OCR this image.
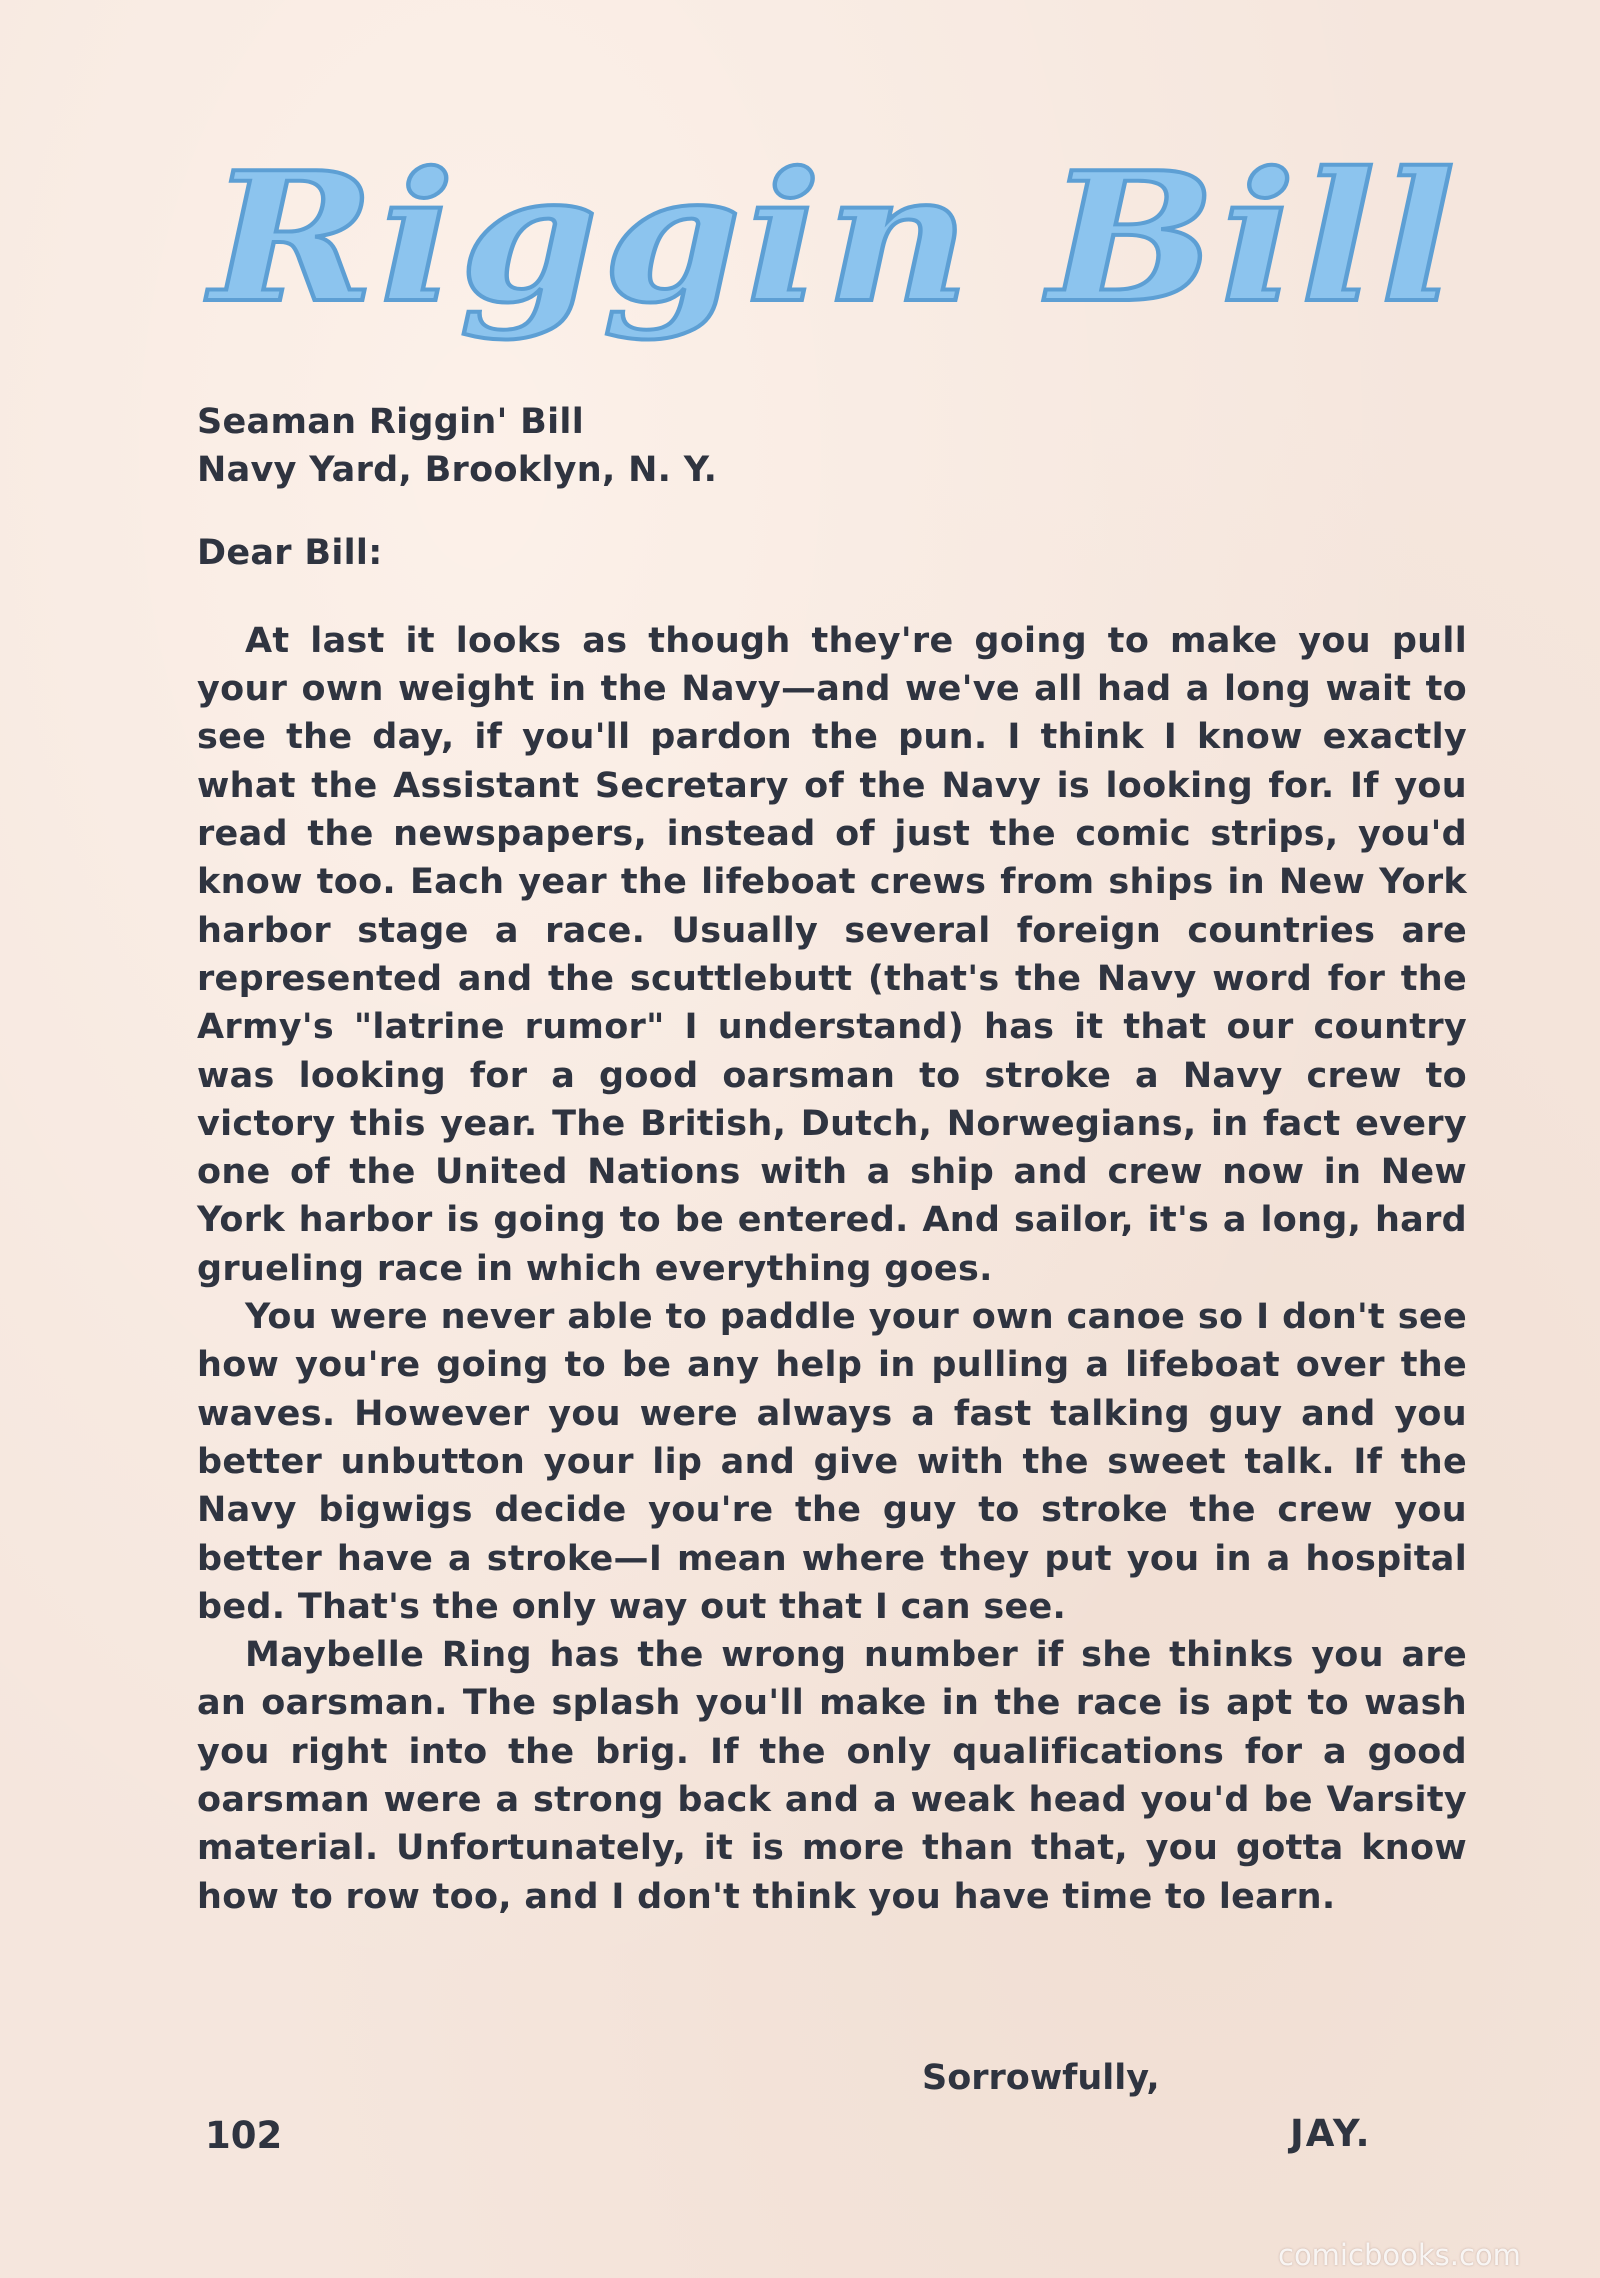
Riggin Bill

Seaman Riggin' Bill

Navy Yard, Brooklyn, N. Y.

Dear Bill:

At last it looks as though they're going to make you pull your own weight in the Navy—and we've all had a long wait to see the day, if you'll pardon the pun. I think I know exactly what the Assistant Secretary of the Navy is looking for. If you read the newspapers, instead of just the comic strips, you'd know too. Each year the lifeboat crews from ships in New York harbor stage a race. Usually several foreign countries are represented and the scuttlebutt (that's the Navy word for the Army's "latrine rumor" I understand) has it that our country was looking for a good oarsman to stroke a Navy crew to victory this year. The British, Dutch, Norwegians, in fact every one of the United Nations with a ship and crew now in New York harbor is going to be entered. And sailor, it's a long, hard grueling race in which everything goes.

You were never able to paddle your own canoe so I don't see how you're going to be any help in pulling a lifeboat over the waves. However you were always a fast talking guy and you better unbutton your lip and give with the sweet talk. If the Navy bigwigs decide you're the guy to stroke the crew you better have a stroke—I mean where they put you in a hospital bed. That's the only way out that I can see.

Maybelle Ring has the wrong number if she thinks you are an oarsman. The splash you'll make in the race is apt to wash you right into the brig. If the only qualifications for a good oarsman were a strong back and a weak head you'd be Varsity material. Unfortunately, it is more than that, you gotta know how to row too, and I don't think you have time to learn.

Sorrowfully,
102	JAY.
comicbooks.com
